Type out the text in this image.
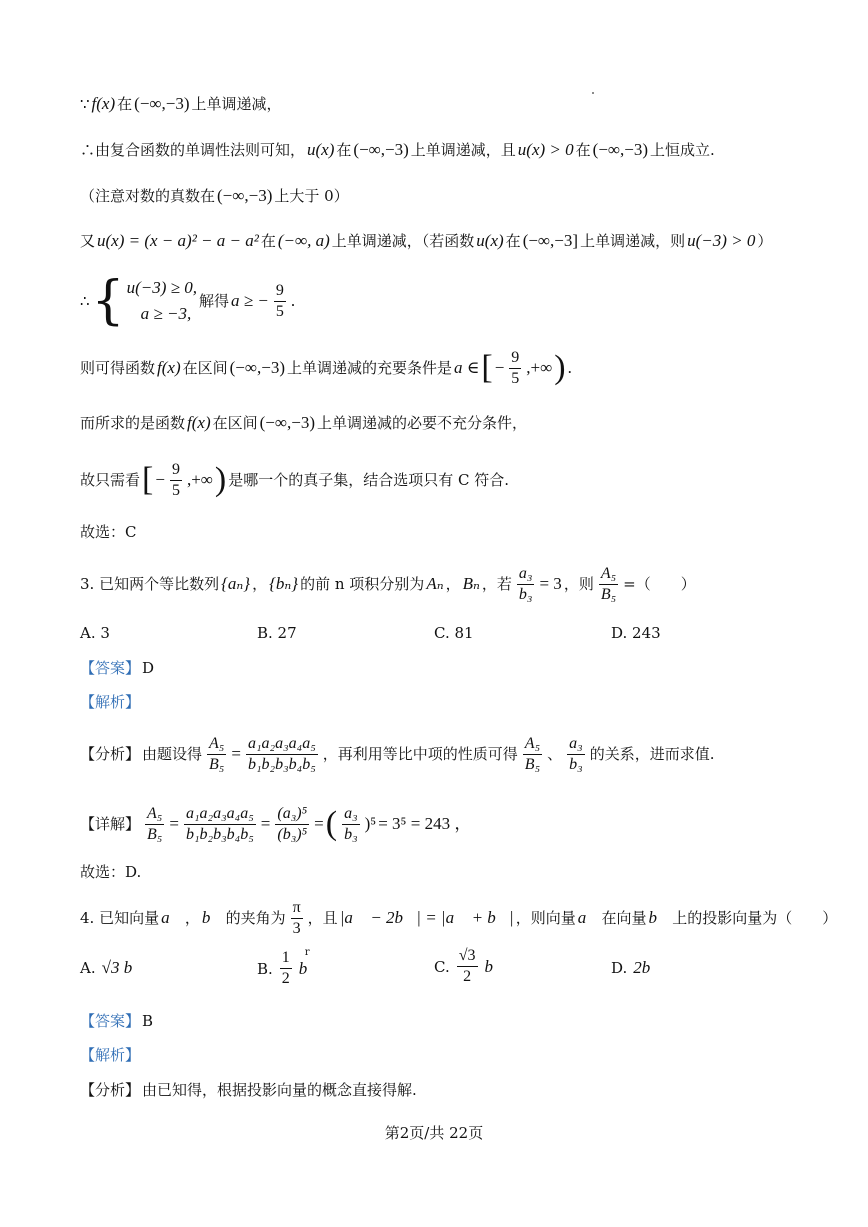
∵ f(x) 在 (−∞,−3) 上单调递减，
∴由复合函数的单调性法则可知， u(x) 在 (−∞,−3) 上单调递减，且 u(x) > 0 在 (−∞,−3) 上恒成立.
（注意对数的真数在 (−∞,−3) 上大于 0）
又 u(x) = (x − a)² − a − a² 在 (−∞, a) 上单调递减，（若函数 u(x) 在 (−∞,−3] 上单调递减，则 u(−3) > 0 ）
∴ { u(−3) ≥ 0,
a ≥ −3,
解得 a ≥ − $\frac{9}{5}$ .
则可得函数 f(x) 在区间 (−∞,−3) 上单调递减的充要条件是 a ∈ [ − $\frac{9}{5}$ ,+∞ ) .
而所求的是函数 f(x) 在区间 (−∞,−3) 上单调递减的必要不充分条件，
故只需看 [ − $\frac{9}{5}$ ,+∞ ) 是哪一个的真子集，结合选项只有 C 符合.
故选：C
3. 已知两个等比数列 {aₙ} ， {bₙ} 的前 n 项积分别为 Aₙ ， Bₙ ，若 $\frac{\text{a₃}}{\text{b₃}} = 3$ ，则 $\frac{\text{A₅}}{\text{B₅}}$ =（　　）
A. 3	B. 27	C. 81	D. 243
【答案】 D
【解析】
【分析】 由题设得 $\frac{\text{A₅}}{\text{B₅}} = \frac{\text{a₁a₂a₃a₄a₅}}{\text{b₁b₂b₃b₄b₅}}$ ，再利用等比中项的性质可得 $\frac{\text{A₅}}{\text{B₅}}$ 、 $\frac{\text{a₃}}{\text{b₃}}$ 的关系，进而求值.
【详解】 $\frac{\text{A₅}}{\text{B₅}} = \frac{\text{a₁a₂a₃a₄a₅}}{\text{b₁b₂b₃b₄b₅}} = \frac{\text{(a₃)⁵}}{\text{(b₃)⁵}}$ = ( $\frac{\text{a₃}}{\text{b₃}} )^5 = 3^5 = 243$ ，
故选：D.
4. 已知向量 a⃗ ， b⃗ 的夹角为 $\frac{\pi}{3}$ ，且 |a⃗ − 2b⃗| = |a⃗ + b⃗| ，则向量 a⃗ 在向量 b⃗ 上的投影向量为（　　）
A. √3 b⃗	B. $\frac{1}{2}$ r
b	C. $\frac{√3}{2}$ b⃗	D. 2b⃗
【答案】 B
【解析】
【分析】 由已知得，根据投影向量的概念直接得解.
第2页/共 22页
